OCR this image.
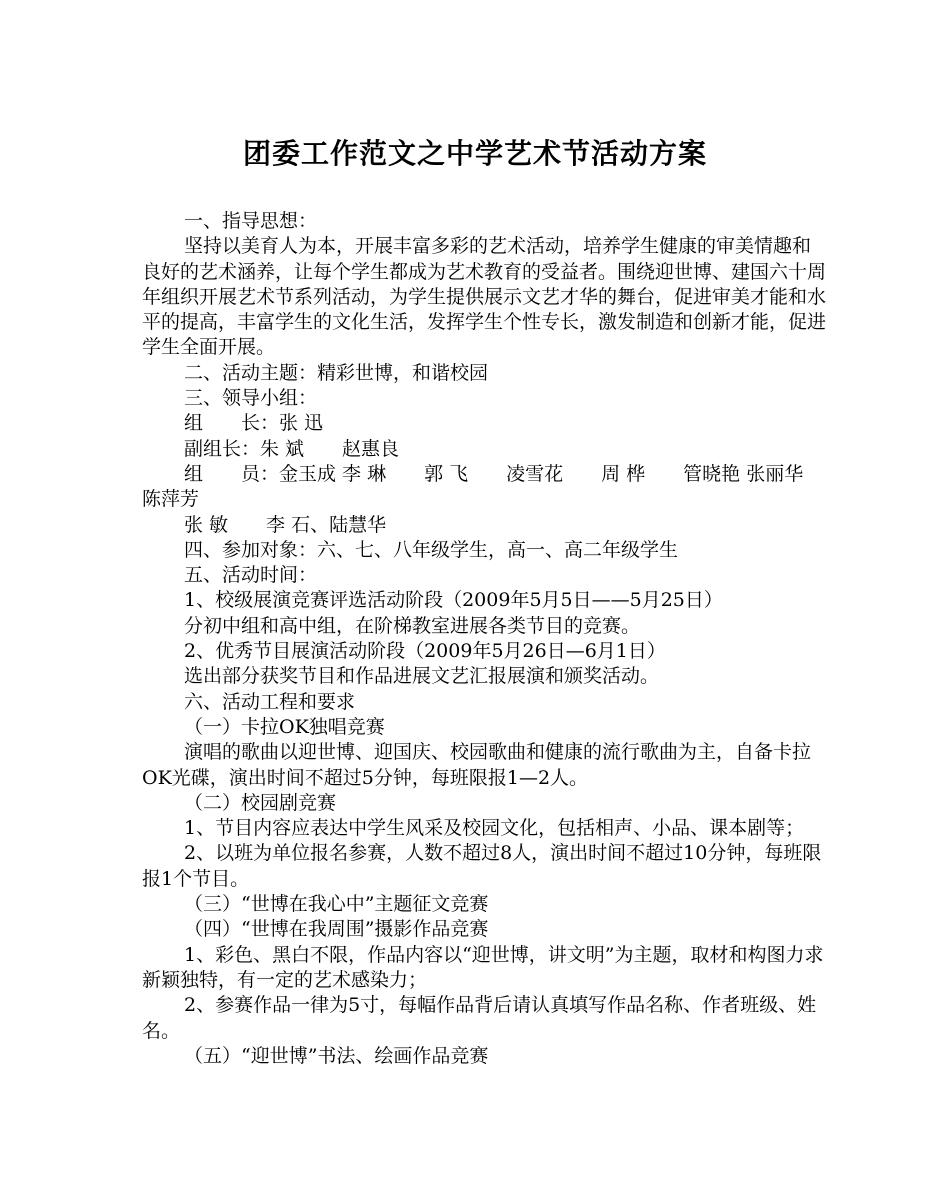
团委工作范文之中学艺术节活动方案

一、指导思想：

坚持以美育人为本，开展丰富多彩的艺术活动，培养学生健康的审美情趣和良好的艺术涵养，让每个学生都成为艺术教育的受益者。围绕迎世博、建国六十周年组织开展艺术节系列活动，为学生提供展示文艺才华的舞台，促进审美才能和水平的提高，丰富学生的文化生活，发挥学生个性专长，激发制造和创新才能，促进学生全面开展。

二、活动主题：精彩世博，和谐校园

三、领导小组：

组　　长：张 迅

副组长：朱 斌　　赵惠良

组　　员：金玉成 李 琳　　郭 飞　　凌雪花　　周 桦　　管晓艳 张丽华 陈萍芳

张 敏　　李 石、陆慧华

四、参加对象：六、七、八年级学生，高一、高二年级学生

五、活动时间：

1、校级展演竞赛评选活动阶段（2009年5月5日——5月25日）

分初中组和高中组，在阶梯教室进展各类节目的竞赛。

2、优秀节目展演活动阶段（2009年5月26日—6月1日）

选出部分获奖节目和作品进展文艺汇报展演和颁奖活动。

六、活动工程和要求

（一）卡拉OK独唱竞赛

演唱的歌曲以迎世博、迎国庆、校园歌曲和健康的流行歌曲为主，自备卡拉OK光碟，演出时间不超过5分钟，每班限报1—2人。

（二）校园剧竞赛

1、节目内容应表达中学生风采及校园文化，包括相声、小品、课本剧等；

2、以班为单位报名参赛，人数不超过8人，演出时间不超过10分钟，每班限报1个节目。

（三）“世博在我心中”主题征文竞赛

（四）“世博在我周围”摄影作品竞赛

1、彩色、黑白不限，作品内容以“迎世博，讲文明”为主题，取材和构图力求新颖独特，有一定的艺术感染力；

2、参赛作品一律为5寸，每幅作品背后请认真填写作品名称、作者班级、姓名。

（五）“迎世博”书法、绘画作品竞赛
